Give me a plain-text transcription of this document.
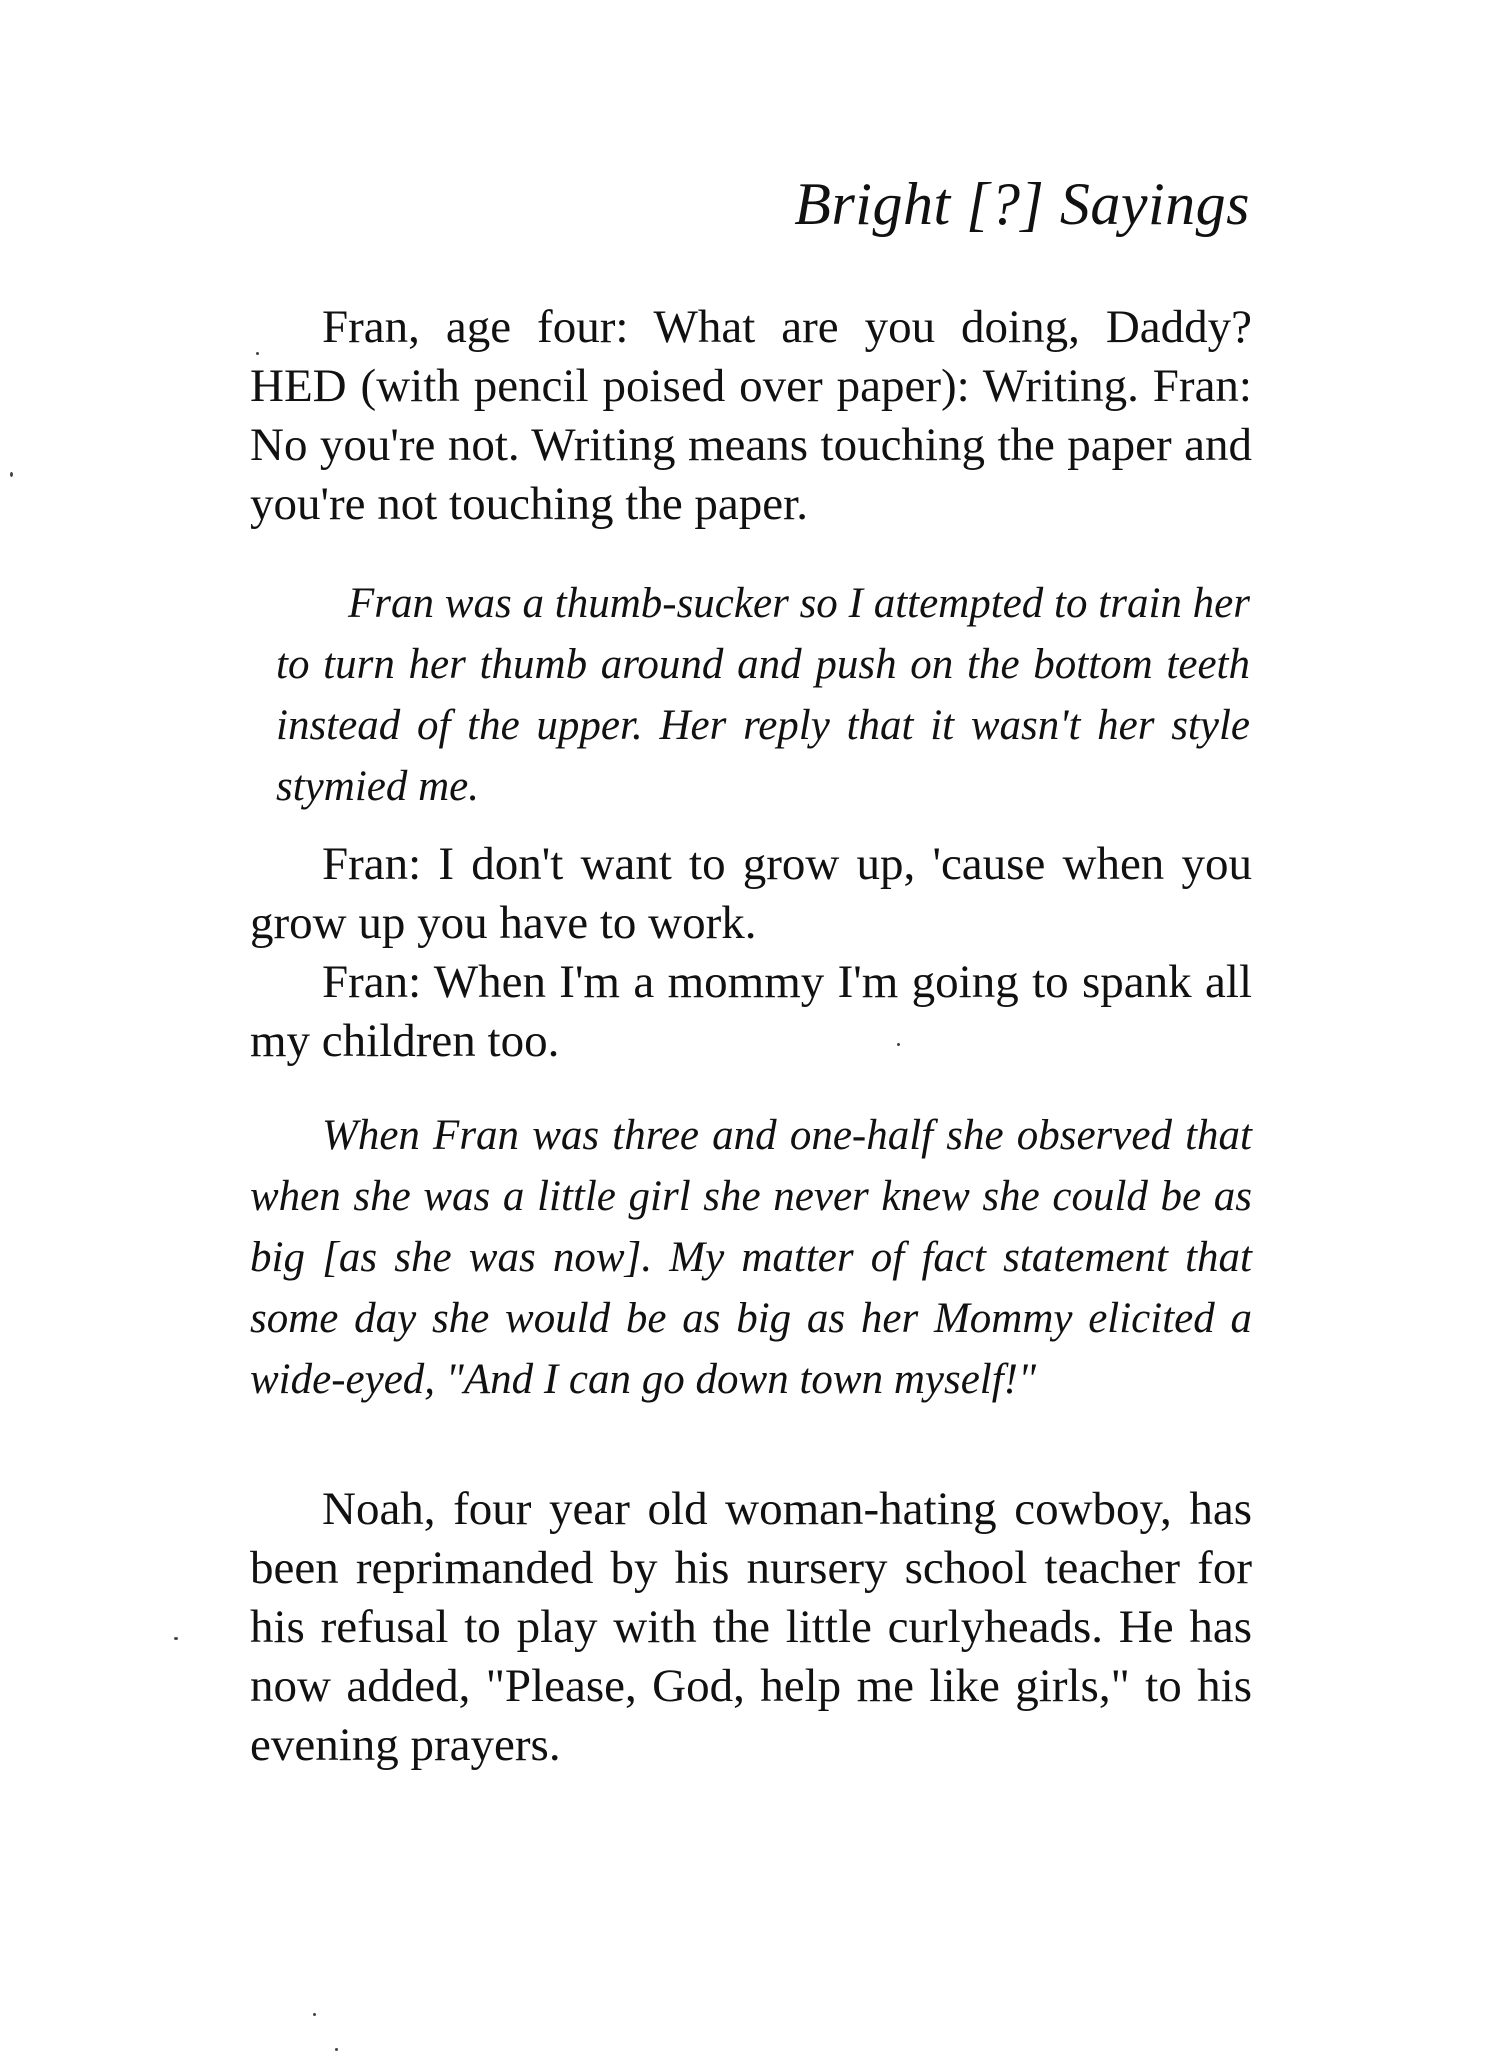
Bright [?] Sayings

Fran, age four: What are you doing, Daddy? HED (with pencil poised over paper): Writing. Fran: No you're not. Writing means touching the paper and you're not touching the paper.

Fran was a thumb-sucker so I attempted to train her to turn her thumb around and push on the bottom teeth instead of the upper. Her reply that it wasn't her style stymied me.

Fran: I don't want to grow up, 'cause when you grow up you have to work.

Fran: When I'm a mommy I'm going to spank all my children too.

When Fran was three and one-half she observed that when she was a little girl she never knew she could be as big [as she was now]. My matter of fact statement that some day she would be as big as her Mommy elicited a wide-eyed, "And I can go down town myself!"

Noah, four year old woman-hating cowboy, has been reprimanded by his nursery school teacher for his refusal to play with the little curlyheads. He has now added, "Please, God, help me like girls," to his evening prayers.
